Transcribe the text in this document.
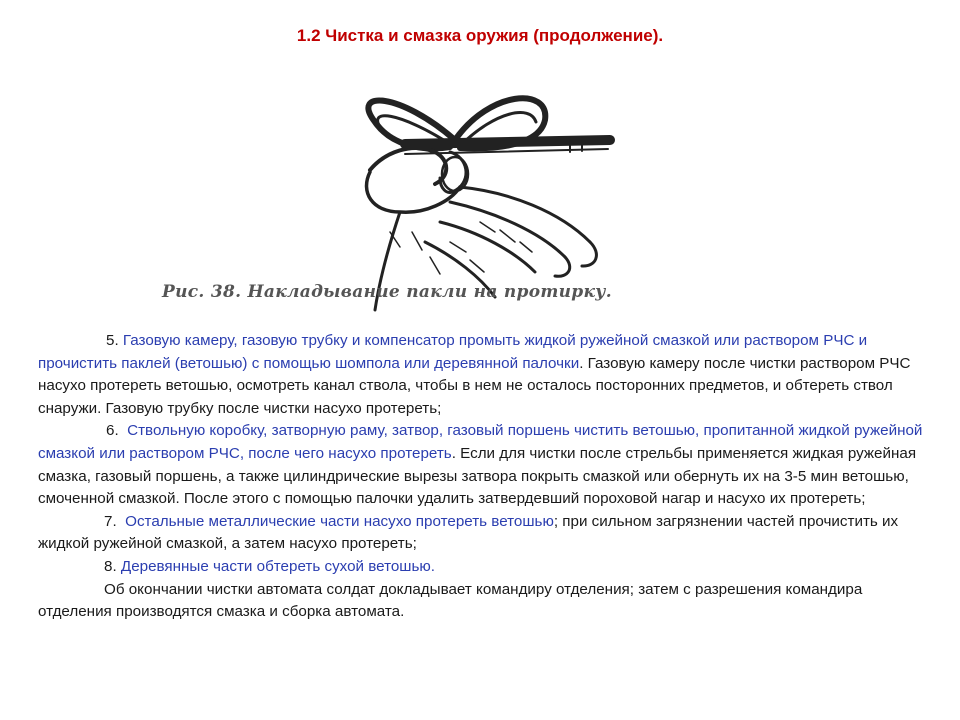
1.2 Чистка и смазка оружия (продолжение).
Рис. 38. Накладывание пакли на протирку.

5. Газовую камеру, газовую трубку и компенсатор промыть жидкой ружейной смазкой или раствором РЧС и прочистить паклей (ветошью) с помощью шомпола или деревянной палочки. Газовую камеру после чистки раствором РЧС насухо протереть ветошью, осмотреть канал ствола, чтобы в нем не осталось посторонних предметов, и обтереть ствол снаружи. Газовую трубку после чистки насухо протереть;

6. Ствольную коробку, затворную раму, затвор, газовый поршень чистить ветошью, пропитанной жидкой ружейной смазкой или раствором РЧС, после чего насухо протереть. Если для чистки после стрельбы применяется жидкая ружейная смазка, газовый поршень, а также цилиндрические вырезы затвора покрыть смазкой или обернуть их на 3-5 мин ветошью, смоченной смазкой. После этого с помощью палочки удалить затвердевший пороховой нагар и насухо их протереть;

7. Остальные металлические части насухо протереть ветошью; при сильном загрязнении частей прочистить их жидкой ружейной смазкой, а затем насухо протереть;

8. Деревянные части обтереть сухой ветошью.

Об окончании чистки автомата солдат докладывает командиру отделения; затем с разрешения командира отделения производятся смазка и сборка автомата.
